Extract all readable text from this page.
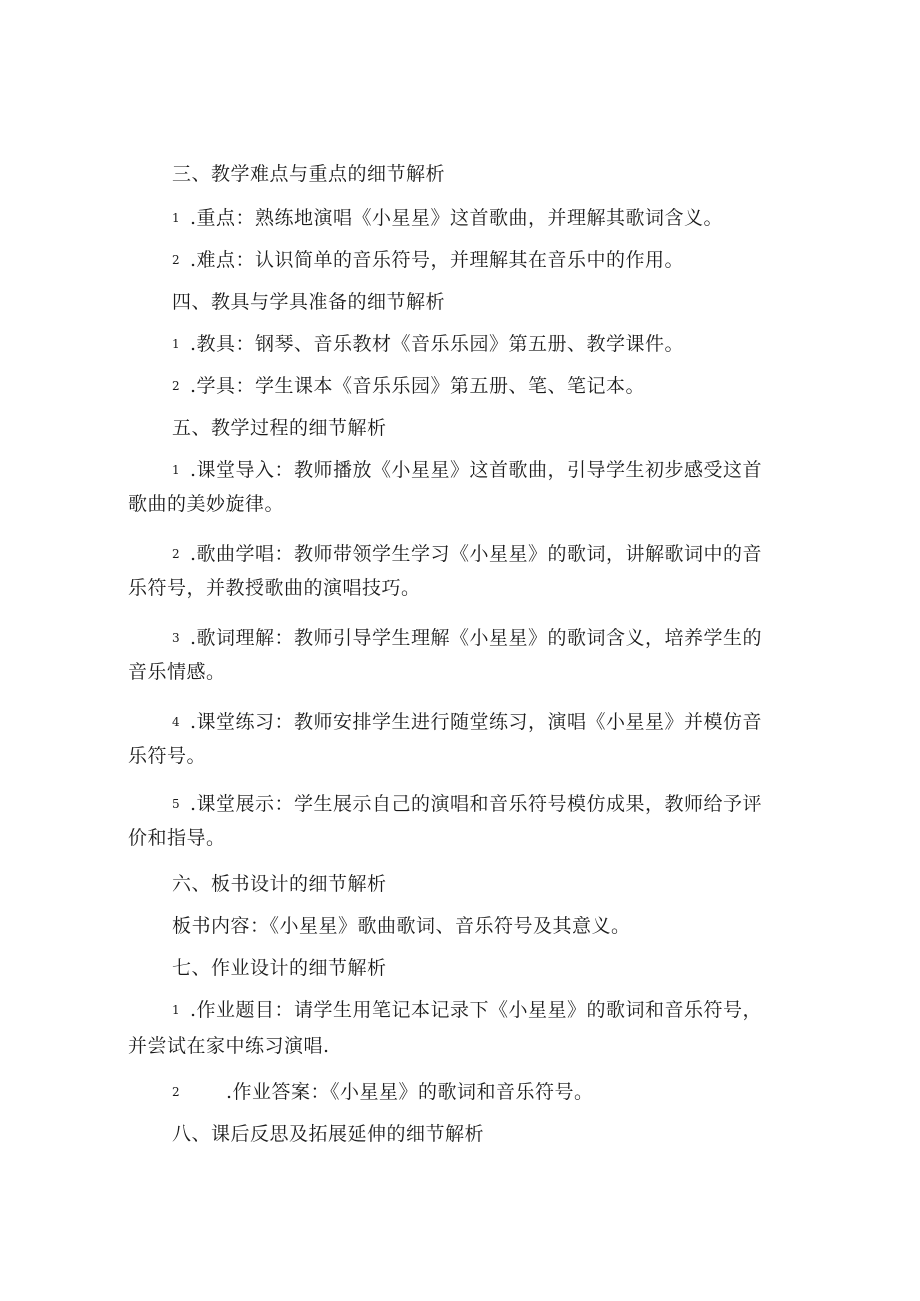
三、教学难点与重点的细节解析
1 .重点：熟练地演唱《小星星》这首歌曲，并理解其歌词含义。
2 .难点：认识简单的音乐符号，并理解其在音乐中的作用。
四、教具与学具准备的细节解析
1 .教具：钢琴、音乐教材《音乐乐园》第五册、教学课件。
2 .学具：学生课本《音乐乐园》第五册、笔、笔记本。
五、教学过程的细节解析
1 .课堂导入：教师播放《小星星》这首歌曲，引导学生初步感受这首
歌曲的美妙旋律。
2 .歌曲学唱：教师带领学生学习《小星星》的歌词，讲解歌词中的音
乐符号，并教授歌曲的演唱技巧。
3 .歌词理解：教师引导学生理解《小星星》的歌词含义，培养学生的
音乐情感。
4 .课堂练习：教师安排学生进行随堂练习，演唱《小星星》并模仿音
乐符号。
5 .课堂展示：学生展示自己的演唱和音乐符号模仿成果，教师给予评
价和指导。
六、板书设计的细节解析
板书内容：《小星星》歌曲歌词、音乐符号及其意义。
七、作业设计的细节解析
1 .作业题目：请学生用笔记本记录下《小星星》的歌词和音乐符号，
并尝试在家中练习演唱.
2 .作业答案：《小星星》的歌词和音乐符号。
八、课后反思及拓展延伸的细节解析
